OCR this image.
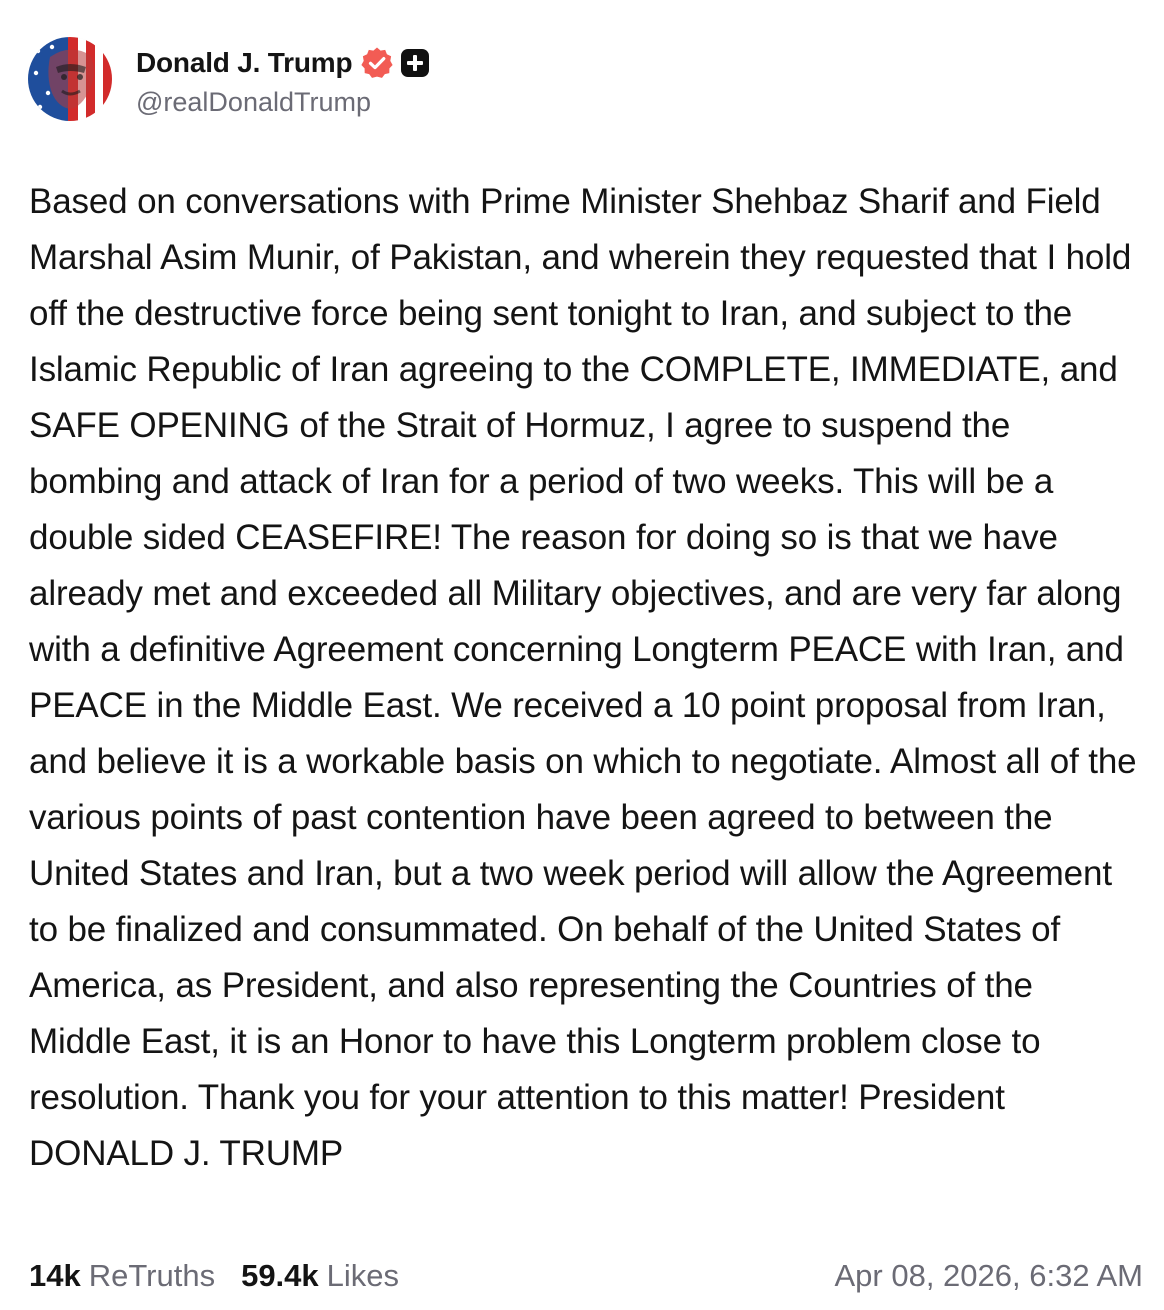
Donald J. Trump
@realDonaldTrump
Based on conversations with Prime Minister Shehbaz Sharif and Field Marshal Asim Munir, of Pakistan, and wherein they requested that I hold off the destructive force being sent tonight to Iran, and subject to the Islamic Republic of Iran agreeing to the COMPLETE, IMMEDIATE, and SAFE OPENING of the Strait of Hormuz, I agree to suspend the bombing and attack of Iran for a period of two weeks. This will be a double sided CEASEFIRE! The reason for doing so is that we have already met and exceeded all Military objectives, and are very far along with a definitive Agreement concerning Longterm PEACE with Iran, and PEACE in the Middle East. We received a 10 point proposal from Iran, and believe it is a workable basis on which to negotiate. Almost all of the various points of past contention have been agreed to between the United States and Iran, but a two week period will allow the Agreement to be finalized and consummated. On behalf of the United States of America, as President, and also representing the Countries of the Middle East, it is an Honor to have this Longterm problem close to resolution. Thank you for your attention to this matter! President DONALD J. TRUMP
14k ReTruths 59.4k Likes	Apr 08, 2026, 6:32 AM
